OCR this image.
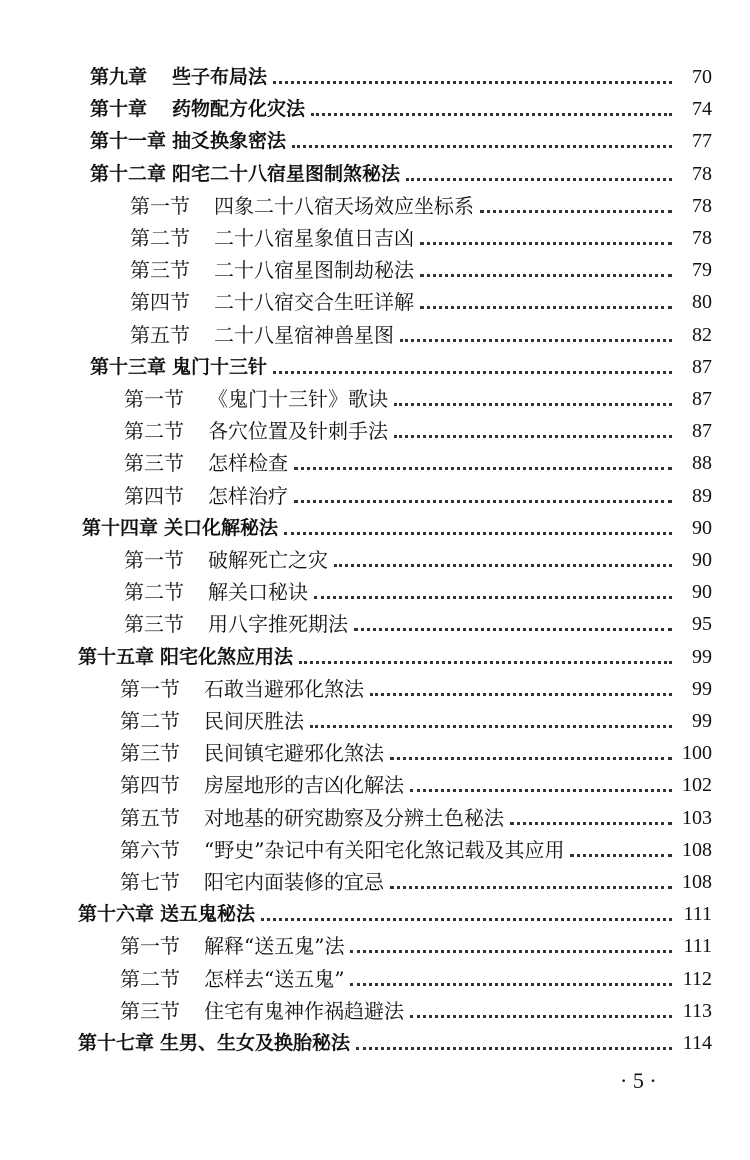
第九章	些子布局法	70
第十章	药物配方化灾法	74
第十一章 抽爻换象密法	77
第十二章 阳宅二十八宿星图制煞秘法	78
第一节	四象二十八宿天场效应坐标系	78
第二节	二十八宿星象值日吉凶	78
第三节	二十八宿星图制劫秘法	79
第四节	二十八宿交合生旺详解	80
第五节	二十八星宿神兽星图	82
第十三章 鬼门十三针	87
第一节	《鬼门十三针》歌诀	87
第二节	各穴位置及针刺手法	87
第三节	怎样检查	88
第四节	怎样治疗	89
第十四章 关口化解秘法	90
第一节	破解死亡之灾	90
第二节	解关口秘诀	90
第三节	用八字推死期法	95
第十五章 阳宅化煞应用法	99
第一节	石敢当避邪化煞法	99
第二节	民间厌胜法	99
第三节	民间镇宅避邪化煞法	100
第四节	房屋地形的吉凶化解法	102
第五节	对地基的研究勘察及分辨土色秘法	103
第六节	“野史”杂记中有关阳宅化煞记载及其应用	108
第七节	阳宅内面装修的宜忌	108
第十六章 送五鬼秘法	111
第一节	解释“送五鬼”法	111
第二节	怎样去“送五鬼”	112
第三节	住宅有鬼神作祸趋避法	113
第十七章 生男、生女及换胎秘法	114
· 5 ·
